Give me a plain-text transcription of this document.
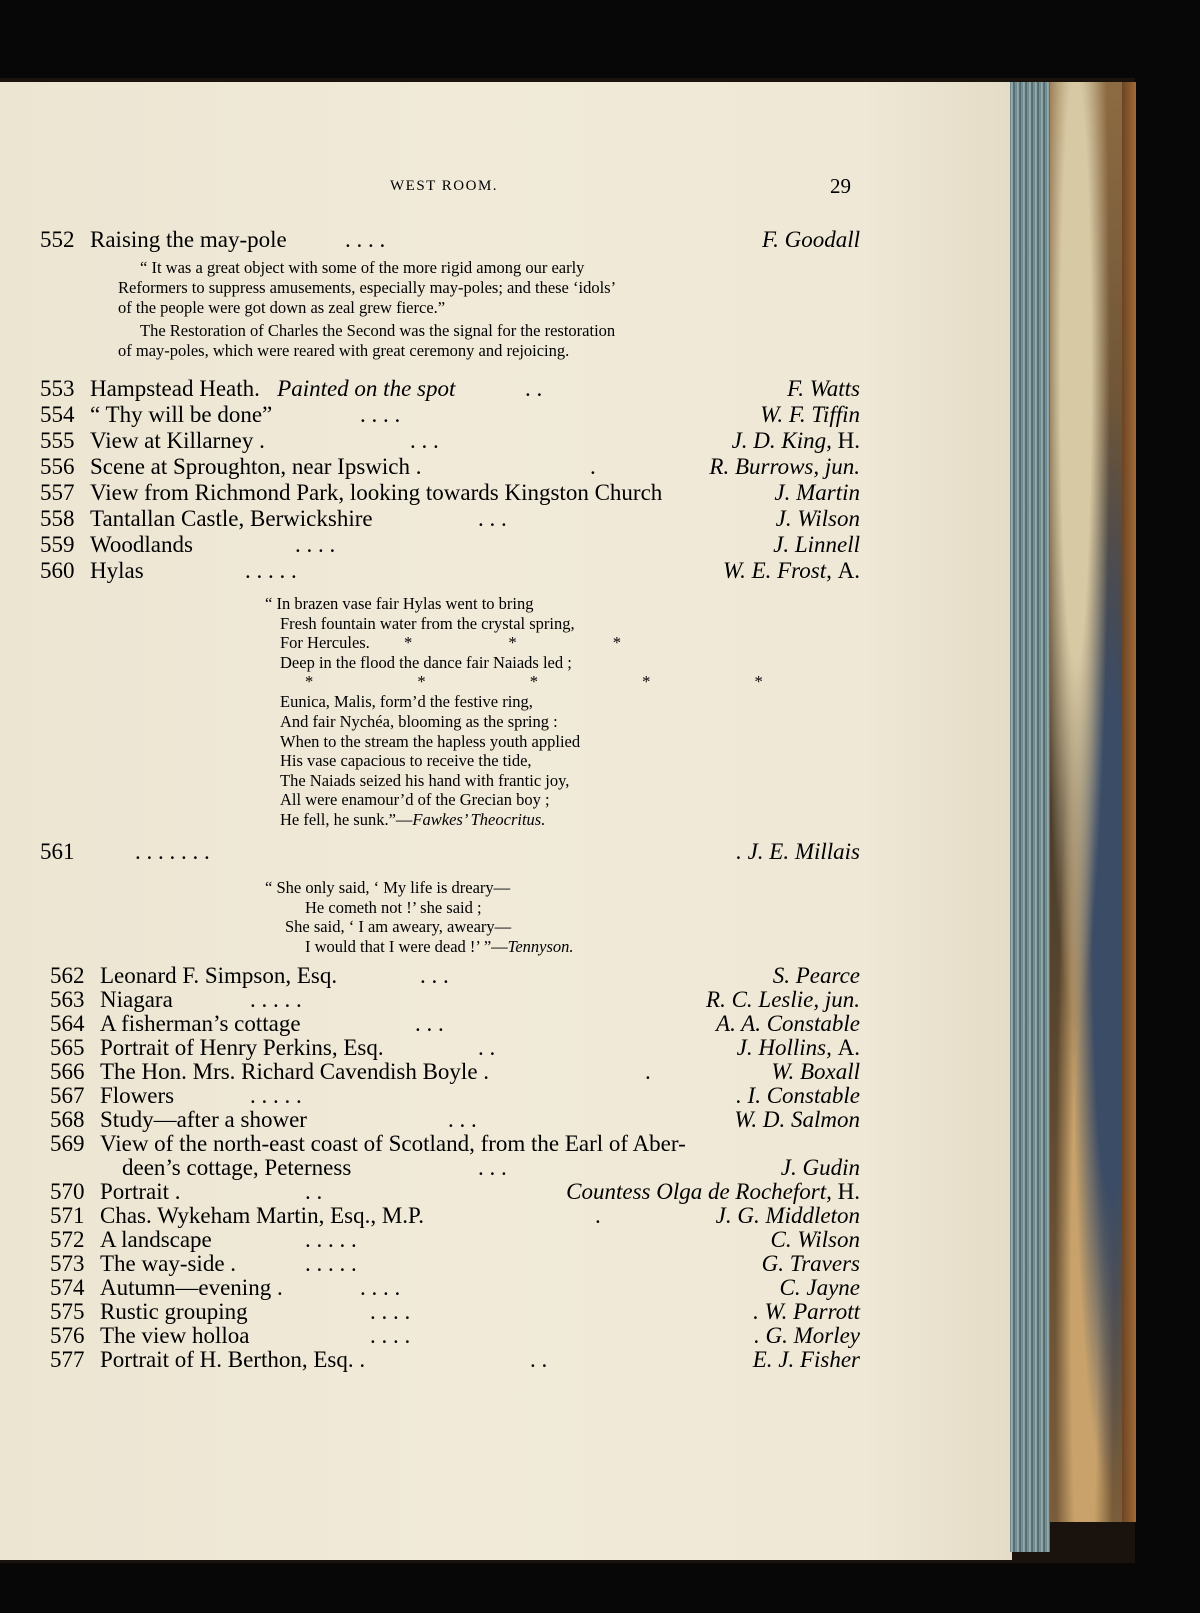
WEST ROOM.	29
552 Raising the may-pole	. . . .	F. Goodall
“ It was a great object with some of the more rigid among our early
Reformers to suppress amusements, especially may-poles; and these ‘idols’
of the people were got down as zeal grew fierce.”
The Restoration of Charles the Second was the signal for the restoration
of may-poles, which were reared with great ceremony and rejoicing.
553 Hampstead Heath. Painted on the spot	. .	F. Watts
554 “ Thy will be done”	. . . .	W. F. Tiffin
555 View at Killarney .	. . .	J. D. King, H.
556 Scene at Sproughton, near Ipswich .	.	R. Burrows, jun.
557 View from Richmond Park, looking towards Kingston Church	J. Martin
558 Tantallan Castle, Berwickshire	. . .	J. Wilson
559 Woodlands	. . . .	J. Linnell
560 Hylas	. . . . .	W. E. Frost, A.
“ In brazen vase fair Hylas went to bring
Fresh fountain water from the crystal spring,
For Hercules. * * *
Deep in the flood the dance fair Naiads led ;
* * * * *
Eunica, Malis, form’d the festive ring,
And fair Nychéa, blooming as the spring :
When to the stream the hapless youth applied
His vase capacious to receive the tide,
The Naiads seized his hand with frantic joy,
All were enamour’d of the Grecian boy ;
He fell, he sunk.”—Fawkes’ Theocritus.
561	. . . . . . .	. J. E. Millais
“ She only said, ‘ My life is dreary—
He cometh not !’ she said ;
She said, ‘ I am aweary, aweary—
I would that I were dead !’ ”—Tennyson.
562 Leonard F. Simpson, Esq.	. . .	S. Pearce
563 Niagara	. . . . .	R. C. Leslie, jun.
564 A fisherman’s cottage	. . .	A. A. Constable
565 Portrait of Henry Perkins, Esq.	. .	J. Hollins, A.
566 The Hon. Mrs. Richard Cavendish Boyle .	.	W. Boxall
567 Flowers	. . . . .	. I. Constable
568 Study—after a shower	. . .	W. D. Salmon
569 View of the north-east coast of Scotland, from the Earl of Aber-
deen’s cottage, Peterness	. . .	J. Gudin
570 Portrait .	. .	Countess Olga de Rochefort, H.
571 Chas. Wykeham Martin, Esq., M.P.	.	J. G. Middleton
572 A landscape	. . . . .	C. Wilson
573 The way-side .	. . . . .	G. Travers
574 Autumn—evening .	. . . .	C. Jayne
575 Rustic grouping	. . . .	. W. Parrott
576 The view holloa	. . . .	. G. Morley
577 Portrait of H. Berthon, Esq. .	. .	E. J. Fisher
